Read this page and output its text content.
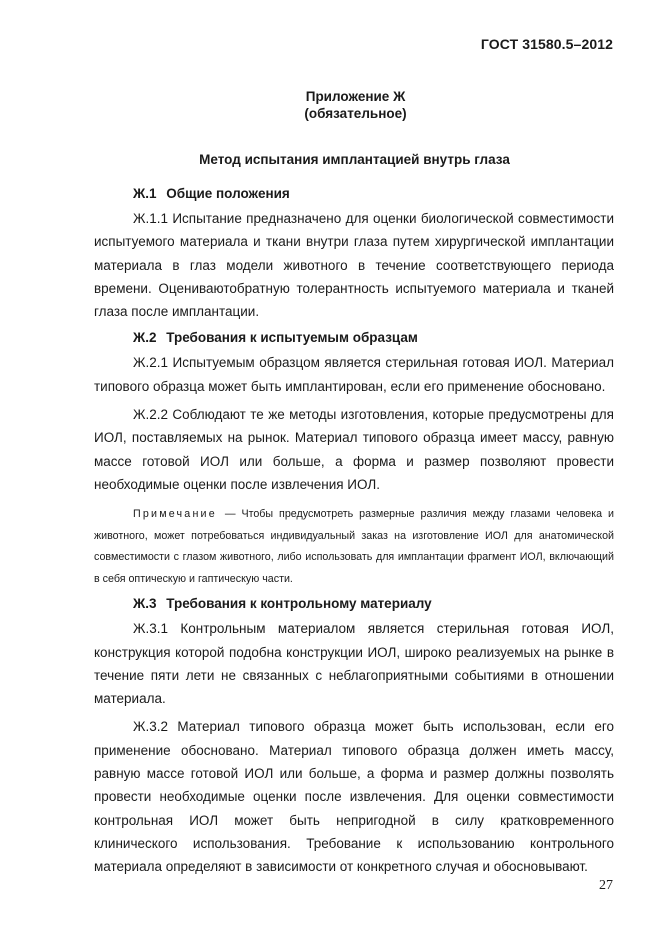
ГОСТ 31580.5–2012
Приложение Ж
(обязательное)
Метод испытания имплантацией внутрь глаза
Ж.1 Общие положения

Ж.1.1 Испытание предназначено для оценки биологической совместимости испытуемого материала и ткани внутри глаза путем хирургической имплантации материала в глаз модели животного в течение соответствующего периода времени. Оцениваютобратную толерантность испытуемого материала и тканей глаза после имплантации.

Ж.2 Требования к испытуемым образцам

Ж.2.1 Испытуемым образцом является стерильная готовая ИОЛ. Материал типового образца может быть имплантирован, если его применение обосновано.

Ж.2.2 Соблюдают те же методы изготовления, которые предусмотрены для ИОЛ, поставляемых на рынок. Материал типового образца имеет массу, равную массе готовой ИОЛ или больше, а форма и размер позволяют провести необходимые оценки после извлечения ИОЛ.

Примечание — Чтобы предусмотреть размерные различия между глазами человека и животного, может потребоваться индивидуальный заказ на изготовление ИОЛ для анатомической совместимости с глазом животного, либо использовать для имплантации фрагмент ИОЛ, включающий в себя оптическую и гаптическую части.

Ж.3 Требования к контрольному материалу

Ж.3.1 Контрольным материалом является стерильная готовая ИОЛ, конструкция которой подобна конструкции ИОЛ, широко реализуемых на рынке в течение пяти лети не связанных с неблагоприятными событиями в отношении материала.

Ж.3.2 Материал типового образца может быть использован, если его применение обосновано. Материал типового образца должен иметь массу, равную массе готовой ИОЛ или больше, а форма и размер должны позволять провести необходимые оценки после извлечения. Для оценки совместимости контрольная ИОЛ может быть непригодной в силу кратковременного клинического использования. Требование к использованию контрольного материала определяют в зависимости от конкретного случая и обосновывают.

27
